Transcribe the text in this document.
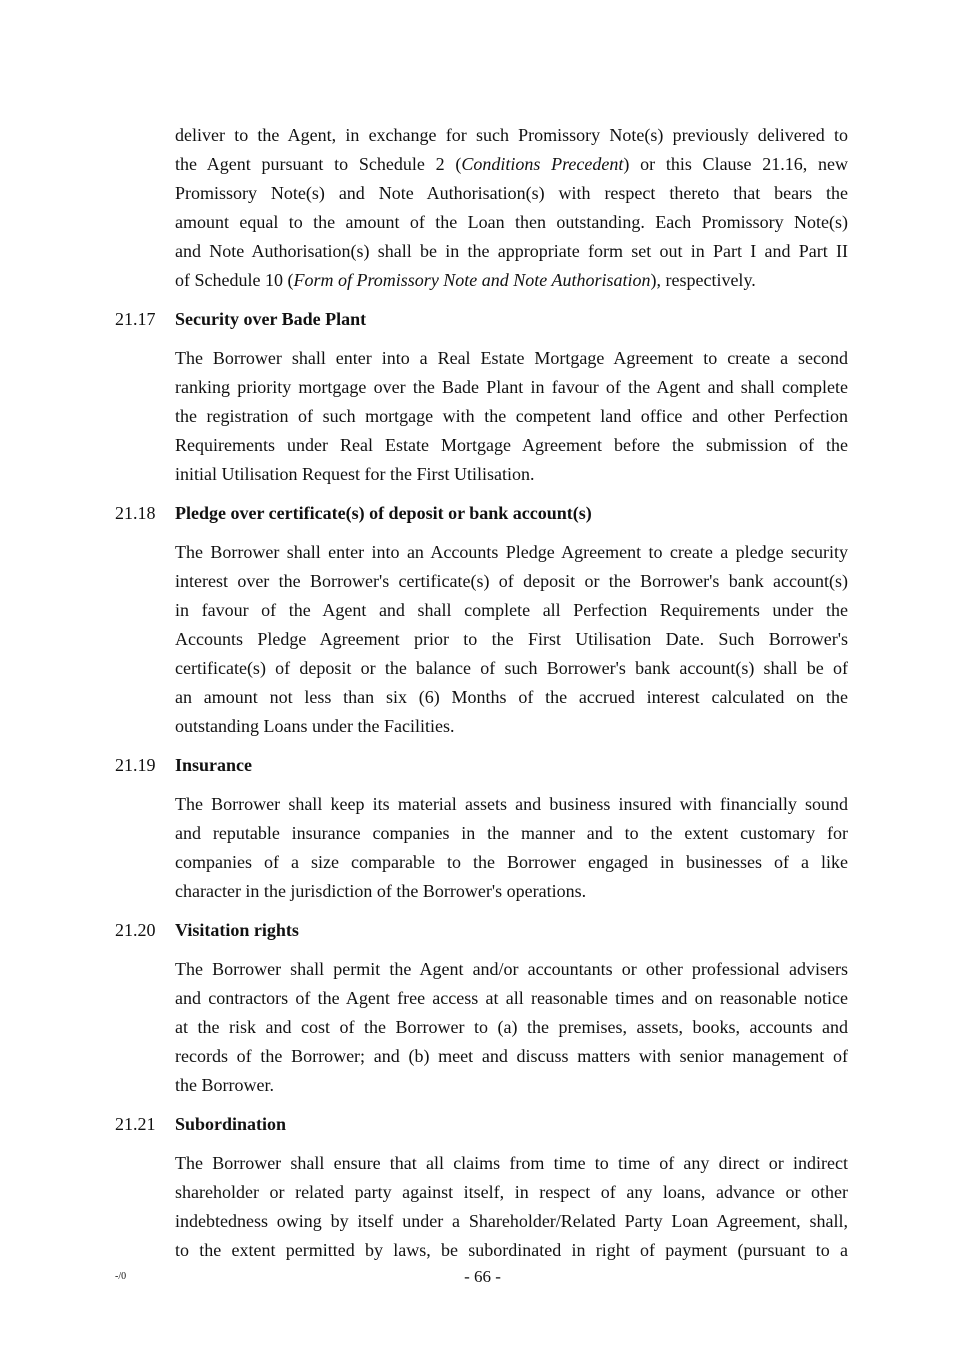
deliver to the Agent, in exchange for such Promissory Note(s) previously delivered to
the Agent pursuant to Schedule 2 (Conditions Precedent) or this Clause 21.16, new
Promissory Note(s) and Note Authorisation(s) with respect thereto that bears the
amount equal to the amount of the Loan then outstanding. Each Promissory Note(s)
and Note Authorisation(s) shall be in the appropriate form set out in Part I and Part II
of Schedule 10 (Form of Promissory Note and Note Authorisation), respectively.
21.17	Security over Bade Plant
The Borrower shall enter into a Real Estate Mortgage Agreement to create a second
ranking priority mortgage over the Bade Plant in favour of the Agent and shall complete
the registration of such mortgage with the competent land office and other Perfection
Requirements under Real Estate Mortgage Agreement before the submission of the
initial Utilisation Request for the First Utilisation.
21.18	Pledge over certificate(s) of deposit or bank account(s)
The Borrower shall enter into an Accounts Pledge Agreement to create a pledge security
interest over the Borrower's certificate(s) of deposit or the Borrower's bank account(s)
in favour of the Agent and shall complete all Perfection Requirements under the
Accounts Pledge Agreement prior to the First Utilisation Date. Such Borrower's
certificate(s) of deposit or the balance of such Borrower's bank account(s) shall be of
an amount not less than six (6) Months of the accrued interest calculated on the
outstanding Loans under the Facilities.
21.19	Insurance
The Borrower shall keep its material assets and business insured with financially sound
and reputable insurance companies in the manner and to the extent customary for
companies of a size comparable to the Borrower engaged in businesses of a like
character in the jurisdiction of the Borrower's operations.
21.20	Visitation rights
The Borrower shall permit the Agent and/or accountants or other professional advisers
and contractors of the Agent free access at all reasonable times and on reasonable notice
at the risk and cost of the Borrower to (a) the premises, assets, books, accounts and
records of the Borrower; and (b) meet and discuss matters with senior management of
the Borrower.
21.21	Subordination
The Borrower shall ensure that all claims from time to time of any direct or indirect
shareholder or related party against itself, in respect of any loans, advance or other
indebtedness owing by itself under a Shareholder/Related Party Loan Agreement, shall,
to the extent permitted by laws, be subordinated in right of payment (pursuant to a
-/0	- 66 -
